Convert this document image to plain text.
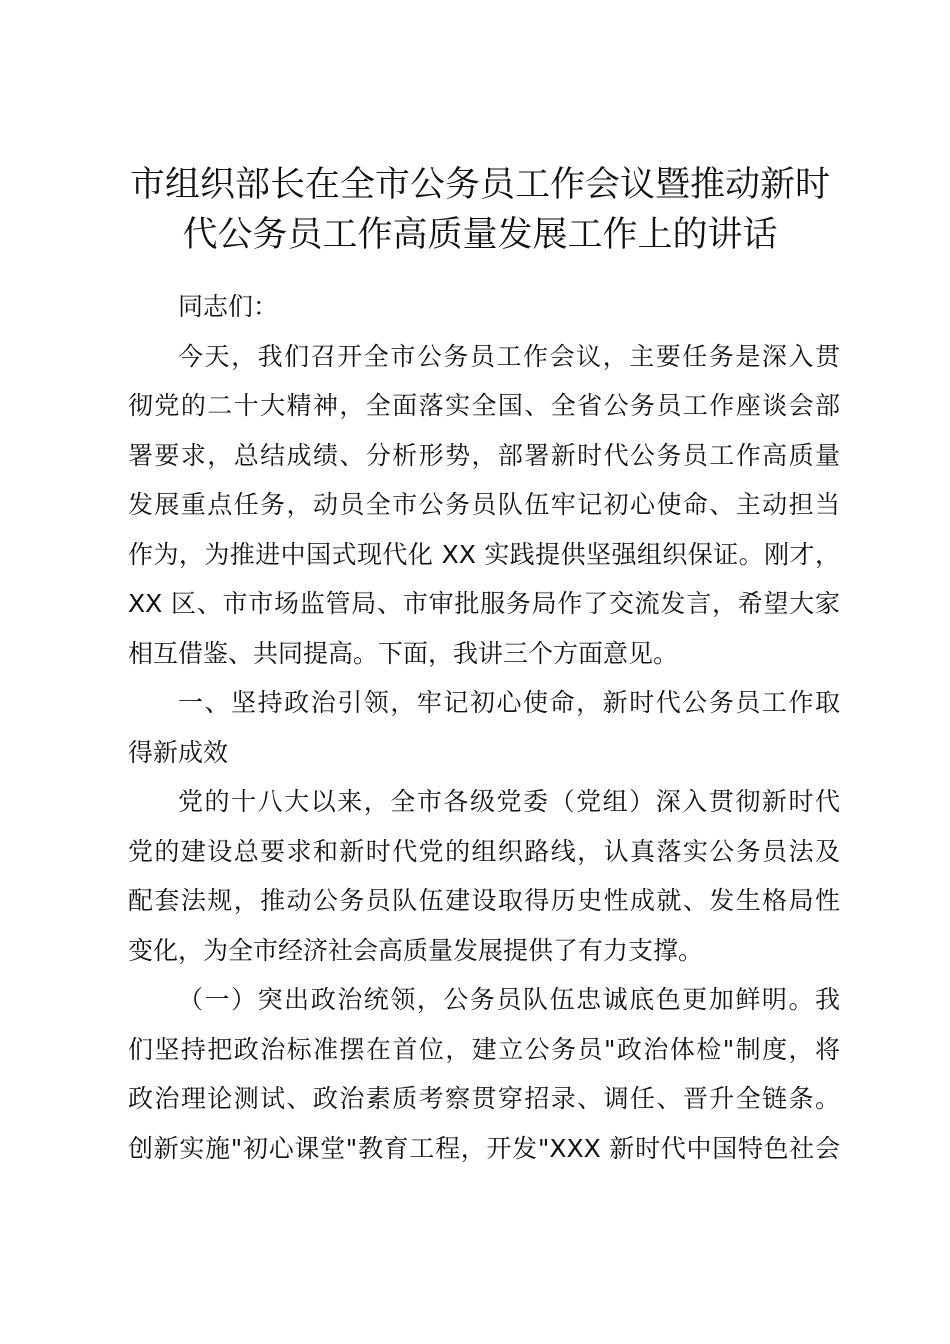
市组织部长在全市公务员工作会议暨推动新时
代公务员工作高质量发展工作上的讲话
同志们：
今天，我们召开全市公务员工作会议，主要任务是深入贯
彻党的二十大精神，全面落实全国、全省公务员工作座谈会部
署要求，总结成绩、分析形势，部署新时代公务员工作高质量
发展重点任务，动员全市公务员队伍牢记初心使命、主动担当
作为，为推进中国式现代化 XX 实践提供坚强组织保证。刚才，
XX 区、市市场监管局、市审批服务局作了交流发言，希望大家
相互借鉴、共同提高。下面，我讲三个方面意见。
一、坚持政治引领，牢记初心使命，新时代公务员工作取
得新成效
党的十八大以来，全市各级党委（党组）深入贯彻新时代
党的建设总要求和新时代党的组织路线，认真落实公务员法及
配套法规，推动公务员队伍建设取得历史性成就、发生格局性
变化，为全市经济社会高质量发展提供了有力支撑。
（一）突出政治统领，公务员队伍忠诚底色更加鲜明。我
们坚持把政治标准摆在首位，建立公务员"政治体检"制度，将
政治理论测试、政治素质考察贯穿招录、调任、晋升全链条。
创新实施"初心课堂"教育工程，开发"XXX 新时代中国特色社会
